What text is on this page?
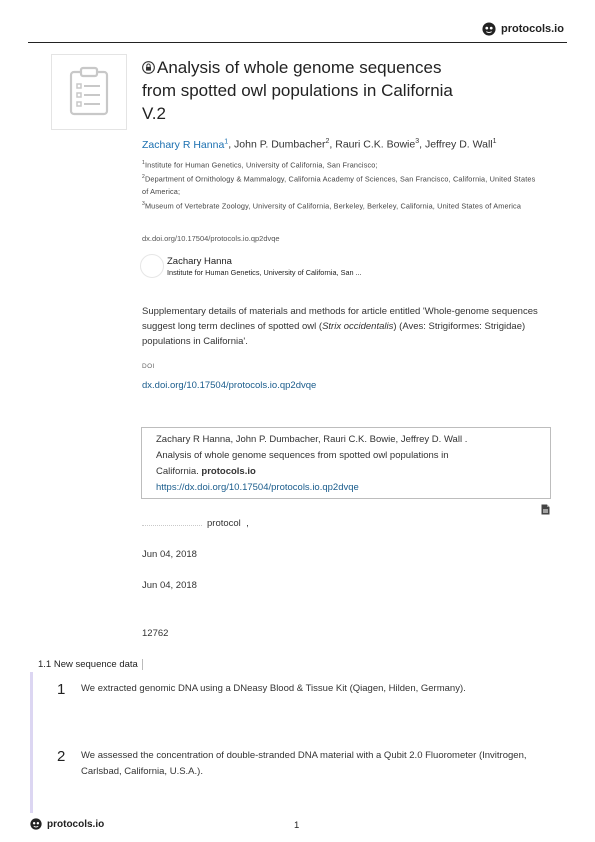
protocols.io
Analysis of whole genome sequences
from spotted owl populations in California
V.2
Zachary R Hanna$^1$, John P. Dumbacher$^2$, Rauri C.K. Bowie$^3$, Jeffrey D. Wall$^1$
$^1$Institute for Human Genetics, University of California, San Francisco;
$^2$Department of Ornithology & Mammalogy, California Academy of Sciences, San Francisco, California, United States of America;
$^3$Museum of Vertebrate Zoology, University of California, Berkeley, Berkeley, California, United States of America
dx.doi.org/10.17504/protocols.io.qp2dvqe
Zachary Hanna
Institute for Human Genetics, University of California, San ...
Supplementary details of materials and methods for article entitled 'Whole-genome sequences suggest long term declines of spotted owl (Strix occidentalis) (Aves: Strigiformes: Strigidae) populations in California'.
DOI
dx.doi.org/10.17504/protocols.io.qp2dvqe
Zachary R Hanna, John P. Dumbacher, Rauri C.K. Bowie, Jeffrey D. Wall .
Analysis of whole genome sequences from spotted owl populations in
California. protocols.io
https://dx.doi.org/10.17504/protocols.io.qp2dvqe
protocol ,
Jun 04, 2018
Jun 04, 2018
12762
1.1 New sequence data
1 We extracted genomic DNA using a DNeasy Blood & Tissue Kit (Qiagen, Hilden, Germany).
2 We assessed the concentration of double-stranded DNA material with a Qubit 2.0 Fluorometer (Invitrogen, Carlsbad, California, U.S.A.).
protocols.io	1
